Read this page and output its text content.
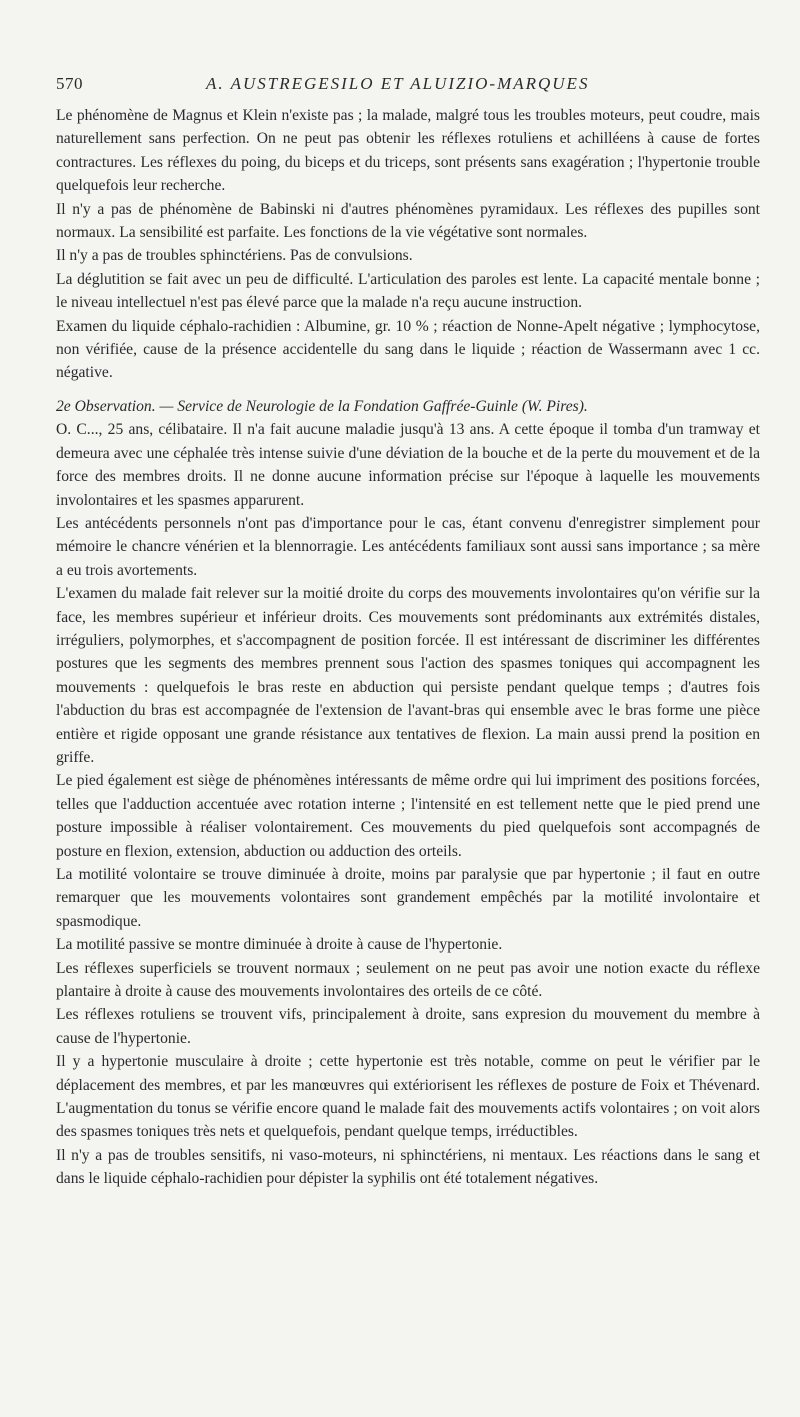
570	A. AUSTREGESILO ET ALUIZIO-MARQUES

Le phénomène de Magnus et Klein n'existe pas ; la malade, malgré tous les troubles moteurs, peut coudre, mais naturellement sans perfection. On ne peut pas obtenir les réflexes rotuliens et achilléens à cause de fortes contractures. Les réflexes du poing, du biceps et du triceps, sont présents sans exagération ; l'hypertonie trouble quelquefois leur recherche.

Il n'y a pas de phénomène de Babinski ni d'autres phénomènes pyramidaux. Les réflexes des pupilles sont normaux. La sensibilité est parfaite. Les fonctions de la vie végétative sont normales.

Il n'y a pas de troubles sphinctériens. Pas de convulsions.

La déglutition se fait avec un peu de difficulté. L'articulation des paroles est lente. La capacité mentale bonne ; le niveau intellectuel n'est pas élevé parce que la malade n'a reçu aucune instruction.

Examen du liquide céphalo-rachidien : Albumine, gr. 10 % ; réaction de Nonne-Apelt négative ; lymphocytose, non vérifiée, cause de la présence accidentelle du sang dans le liquide ; réaction de Wassermann avec 1 cc. négative.

2e Observation. — Service de Neurologie de la Fondation Gaffrée-Guinle (W. Pires).

O. C..., 25 ans, célibataire. Il n'a fait aucune maladie jusqu'à 13 ans. A cette époque il tomba d'un tramway et demeura avec une céphalée très intense suivie d'une déviation de la bouche et de la perte du mouvement et de la force des membres droits. Il ne donne aucune information précise sur l'époque à laquelle les mouvements involontaires et les spasmes apparurent.

Les antécédents personnels n'ont pas d'importance pour le cas, étant convenu d'enregistrer simplement pour mémoire le chancre vénérien et la blennorragie. Les antécédents familiaux sont aussi sans importance ; sa mère a eu trois avortements.

L'examen du malade fait relever sur la moitié droite du corps des mouvements involontaires qu'on vérifie sur la face, les membres supérieur et inférieur droits. Ces mouvements sont prédominants aux extrémités distales, irréguliers, polymorphes, et s'accompagnent de position forcée. Il est intéressant de discriminer les différentes postures que les segments des membres prennent sous l'action des spasmes toniques qui accompagnent les mouvements : quelquefois le bras reste en abduction qui persiste pendant quelque temps ; d'autres fois l'abduction du bras est accompagnée de l'extension de l'avant-bras qui ensemble avec le bras forme une pièce entière et rigide opposant une grande résistance aux tentatives de flexion. La main aussi prend la position en griffe.

Le pied également est siège de phénomènes intéressants de même ordre qui lui impriment des positions forcées, telles que l'adduction accentuée avec rotation interne ; l'intensité en est tellement nette que le pied prend une posture impossible à réaliser volontairement. Ces mouvements du pied quelquefois sont accompagnés de posture en flexion, extension, abduction ou adduction des orteils.

La motilité volontaire se trouve diminuée à droite, moins par paralysie que par hypertonie ; il faut en outre remarquer que les mouvements volontaires sont grandement empêchés par la motilité involontaire et spasmodique.

La motilité passive se montre diminuée à droite à cause de l'hypertonie.

Les réflexes superficiels se trouvent normaux ; seulement on ne peut pas avoir une notion exacte du réflexe plantaire à droite à cause des mouvements involontaires des orteils de ce côté.

Les réflexes rotuliens se trouvent vifs, principalement à droite, sans expresion du mouvement du membre à cause de l'hypertonie.

Il y a hypertonie musculaire à droite ; cette hypertonie est très notable, comme on peut le vérifier par le déplacement des membres, et par les manœuvres qui extériorisent les réflexes de posture de Foix et Thévenard. L'augmentation du tonus se vérifie encore quand le malade fait des mouvements actifs volontaires ; on voit alors des spasmes toniques très nets et quelquefois, pendant quelque temps, irréductibles.

Il n'y a pas de troubles sensitifs, ni vaso-moteurs, ni sphinctériens, ni mentaux. Les réactions dans le sang et dans le liquide céphalo-rachidien pour dépister la syphilis ont été totalement négatives.
